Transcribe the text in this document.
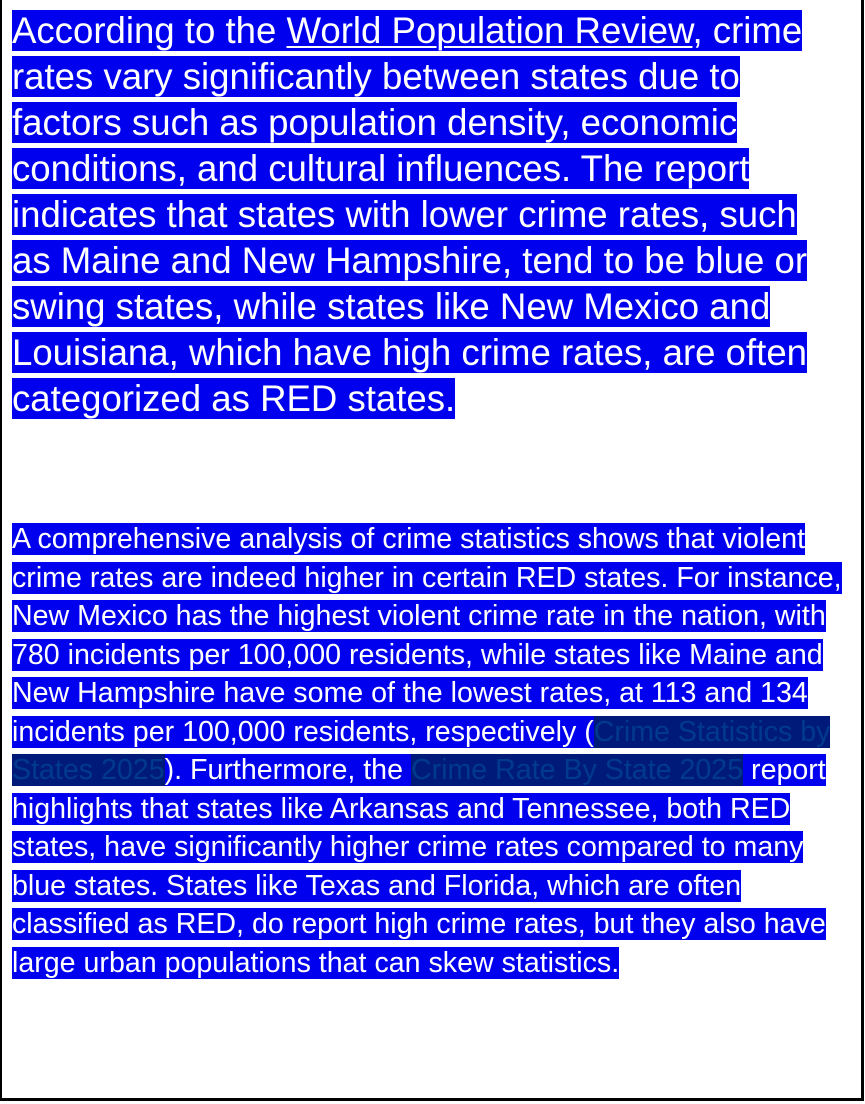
According to the World Population Review, crime rates vary significantly between states due to factors such as population density, economic conditions, and cultural influences. The report indicates that states with lower crime rates, such as Maine and New Hampshire, tend to be blue or swing states, while states like New Mexico and Louisiana, which have high crime rates, are often categorized as RED states.

A comprehensive analysis of crime statistics shows that violent crime rates are indeed higher in certain RED states. For instance, New Mexico has the highest violent crime rate in the nation, with 780 incidents per 100,000 residents, while states like Maine and New Hampshire have some of the lowest rates, at 113 and 134 incidents per 100,000 residents, respectively (Crime Statistics by States 2025). Furthermore, the Crime Rate By State 2025 report highlights that states like Arkansas and Tennessee, both RED states, have significantly higher crime rates compared to many blue states. States like Texas and Florida, which are often classified as RED, do report high crime rates, but they also have large urban populations that can skew statistics.
